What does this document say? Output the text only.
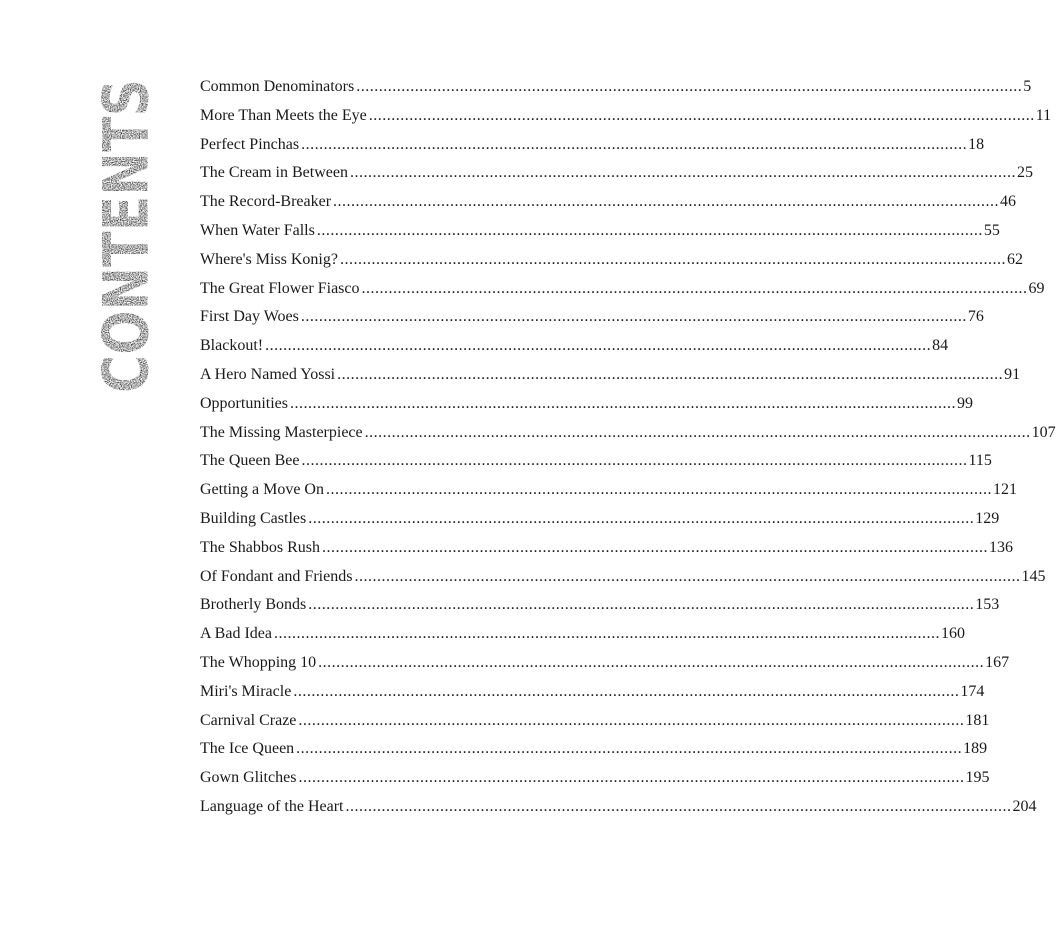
CONTENTS Common Denominators .....	5
More Than Meets the Eye .....	11
Perfect Pinchas .....	18
The Cream in Between .....	25
The Record-Breaker .....	46
When Water Falls .....	55
Where's Miss Konig? .....	62
The Great Flower Fiasco .....	69
First Day Woes .....	76
Blackout! .....	84
A Hero Named Yossi .....	91
Opportunities .....	99
The Missing Masterpiece .....	107
The Queen Bee .....	115
Getting a Move On .....	121
Building Castles .....	129
The Shabbos Rush .....	136
Of Fondant and Friends .....	145
Brotherly Bonds .....	153
A Bad Idea .....	160
The Whopping 10 .....	167
Miri's Miracle .....	174
Carnival Craze .....	181
The Ice Queen .....	189
Gown Glitches .....	195
Language of the Heart .....	204
